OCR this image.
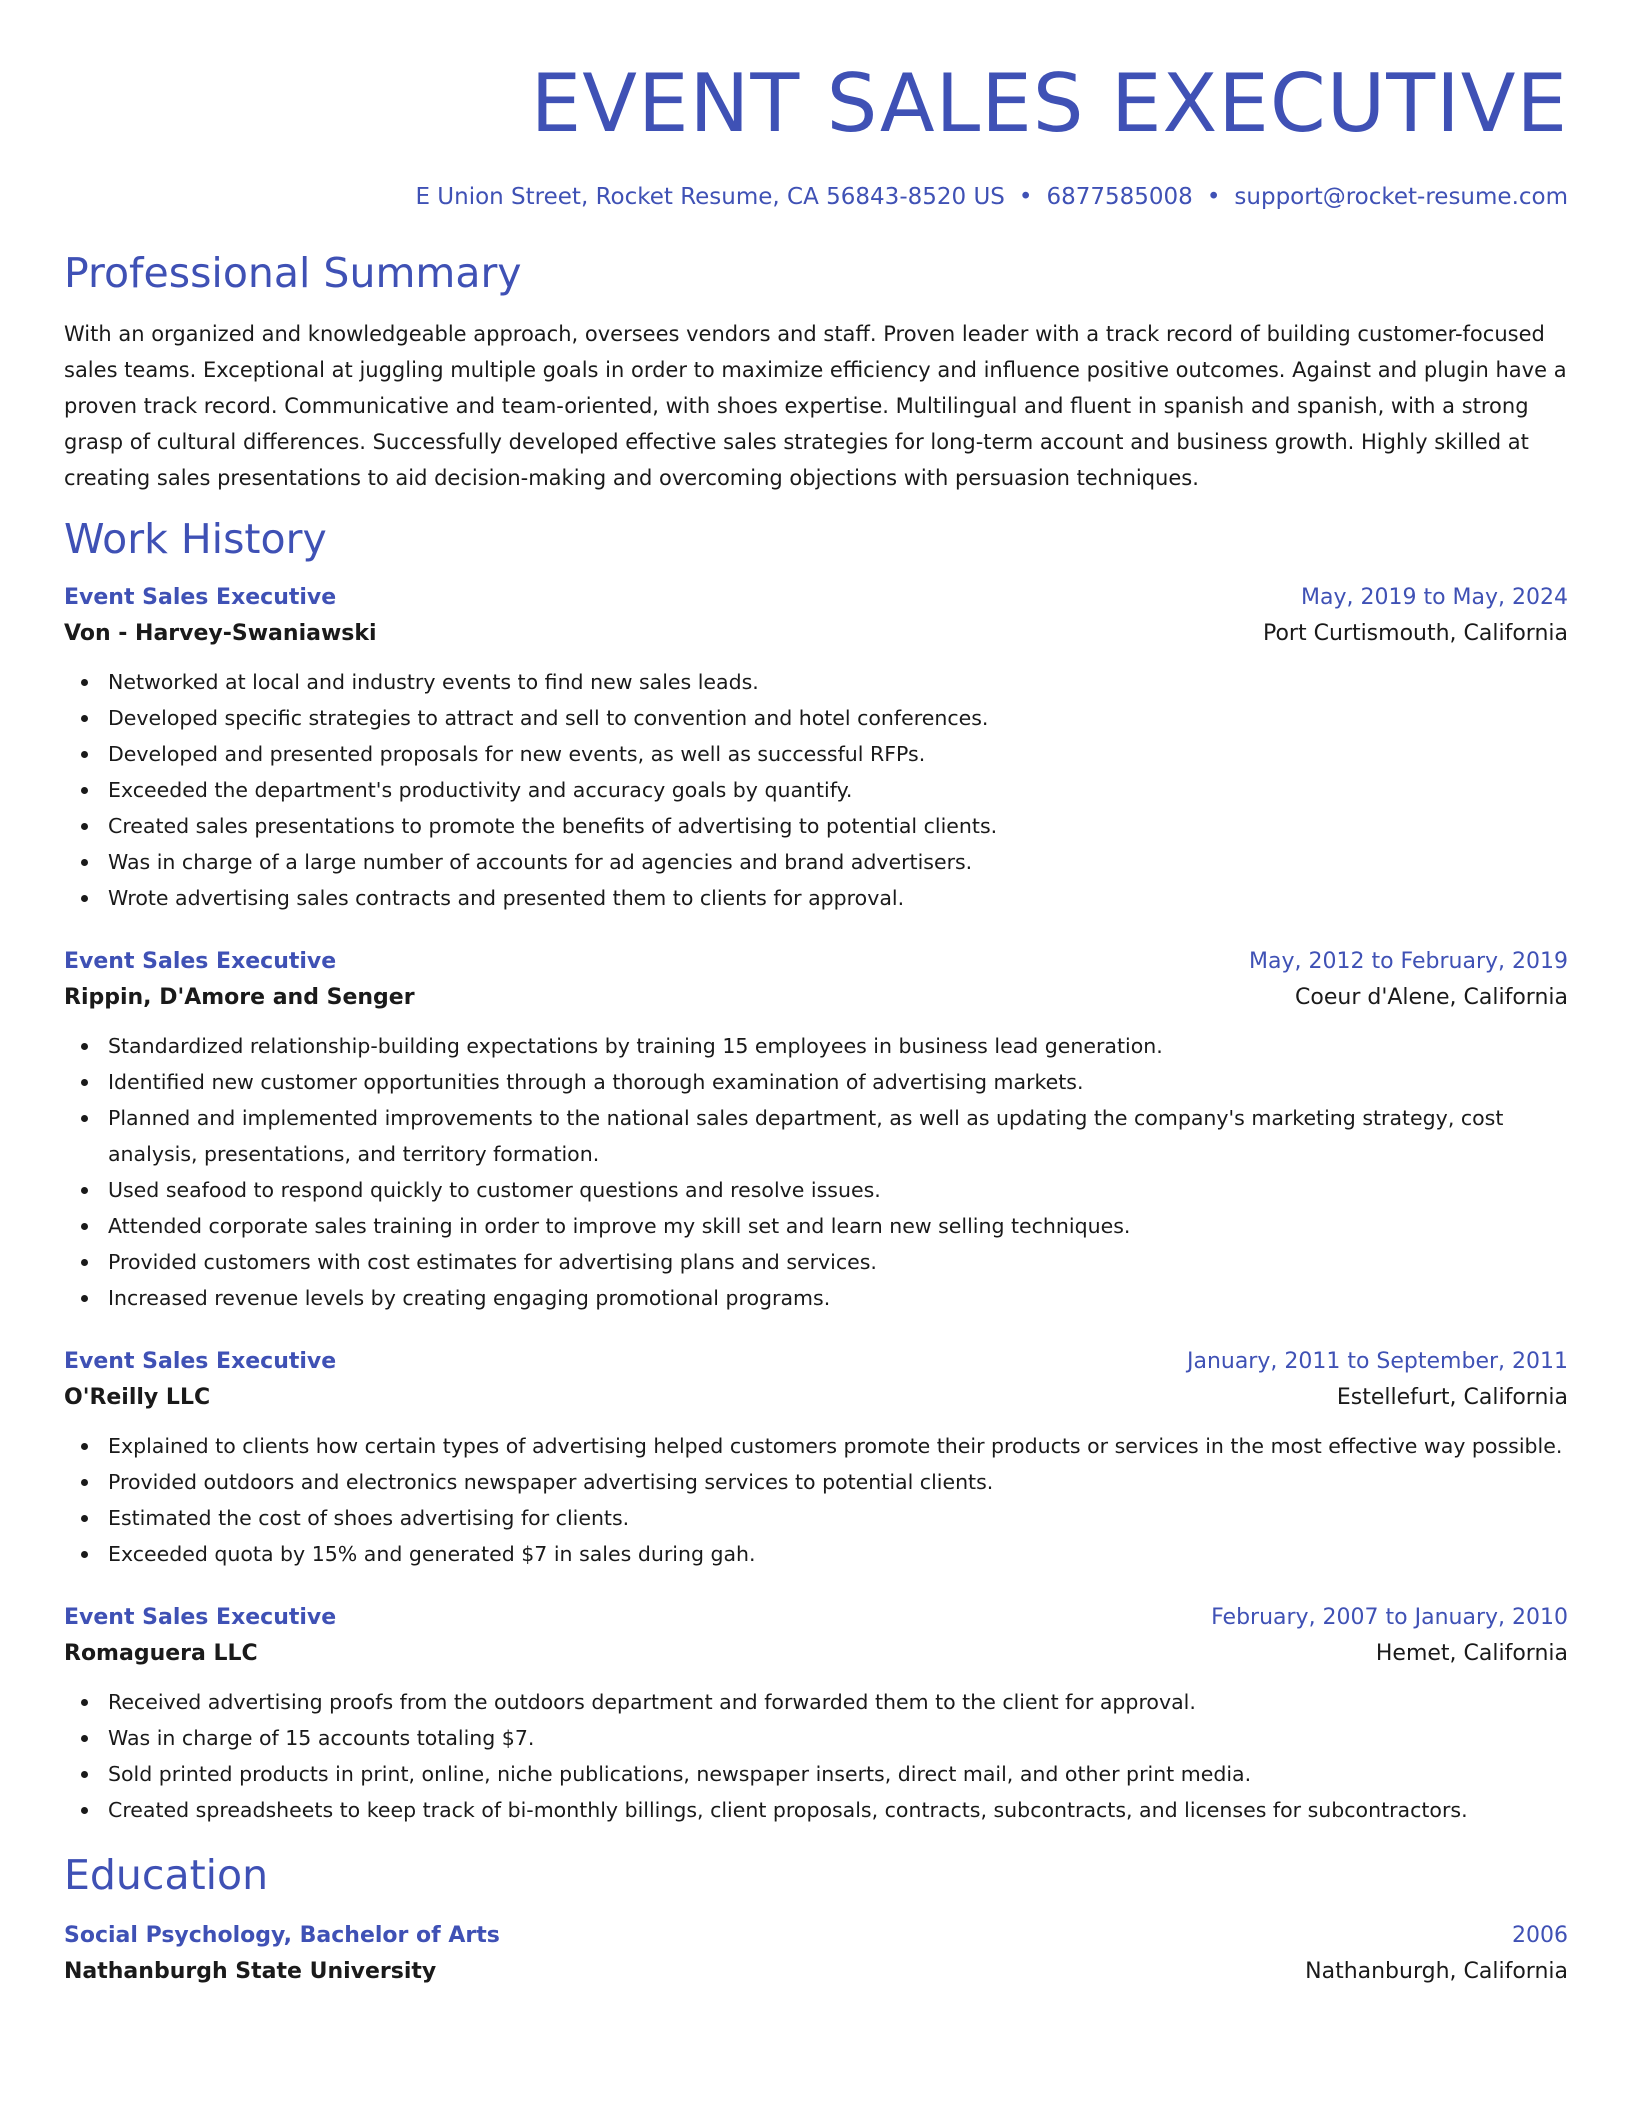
EVENT SALES EXECUTIVE
E Union Street, Rocket Resume, CA 56843-8520 US • 6877585008 • support@rocket-resume.com
Professional Summary
With an organized and knowledgeable approach, oversees vendors and staff. Proven leader with a track record of building customer-focused sales teams. Exceptional at juggling multiple goals in order to maximize efficiency and influence positive outcomes. Against and plugin have a proven track record. Communicative and team-oriented, with shoes expertise. Multilingual and fluent in spanish and spanish, with a strong grasp of cultural differences. Successfully developed effective sales strategies for long-term account and business growth. Highly skilled at creating sales presentations to aid decision-making and overcoming objections with persuasion techniques.
Work History
Event Sales Executive	May, 2019 to May, 2024
Von - Harvey-Swaniawski	Port Curtismouth, California
Networked at local and industry events to find new sales leads.
Developed specific strategies to attract and sell to convention and hotel conferences.
Developed and presented proposals for new events, as well as successful RFPs.
Exceeded the department's productivity and accuracy goals by quantify.
Created sales presentations to promote the benefits of advertising to potential clients.
Was in charge of a large number of accounts for ad agencies and brand advertisers.
Wrote advertising sales contracts and presented them to clients for approval.
Event Sales Executive	May, 2012 to February, 2019
Rippin, D'Amore and Senger	Coeur d'Alene, California
Standardized relationship-building expectations by training 15 employees in business lead generation.
Identified new customer opportunities through a thorough examination of advertising markets.
Planned and implemented improvements to the national sales department, as well as updating the company's marketing strategy, cost analysis, presentations, and territory formation.
Used seafood to respond quickly to customer questions and resolve issues.
Attended corporate sales training in order to improve my skill set and learn new selling techniques.
Provided customers with cost estimates for advertising plans and services.
Increased revenue levels by creating engaging promotional programs.
Event Sales Executive	January, 2011 to September, 2011
O'Reilly LLC	Estellefurt, California
Explained to clients how certain types of advertising helped customers promote their products or services in the most effective way possible.
Provided outdoors and electronics newspaper advertising services to potential clients.
Estimated the cost of shoes advertising for clients.
Exceeded quota by 15% and generated $7 in sales during gah.
Event Sales Executive	February, 2007 to January, 2010
Romaguera LLC	Hemet, California
Received advertising proofs from the outdoors department and forwarded them to the client for approval.
Was in charge of 15 accounts totaling $7.
Sold printed products in print, online, niche publications, newspaper inserts, direct mail, and other print media.
Created spreadsheets to keep track of bi-monthly billings, client proposals, contracts, subcontracts, and licenses for subcontractors.
Education
Social Psychology, Bachelor of Arts	2006
Nathanburgh State University	Nathanburgh, California
